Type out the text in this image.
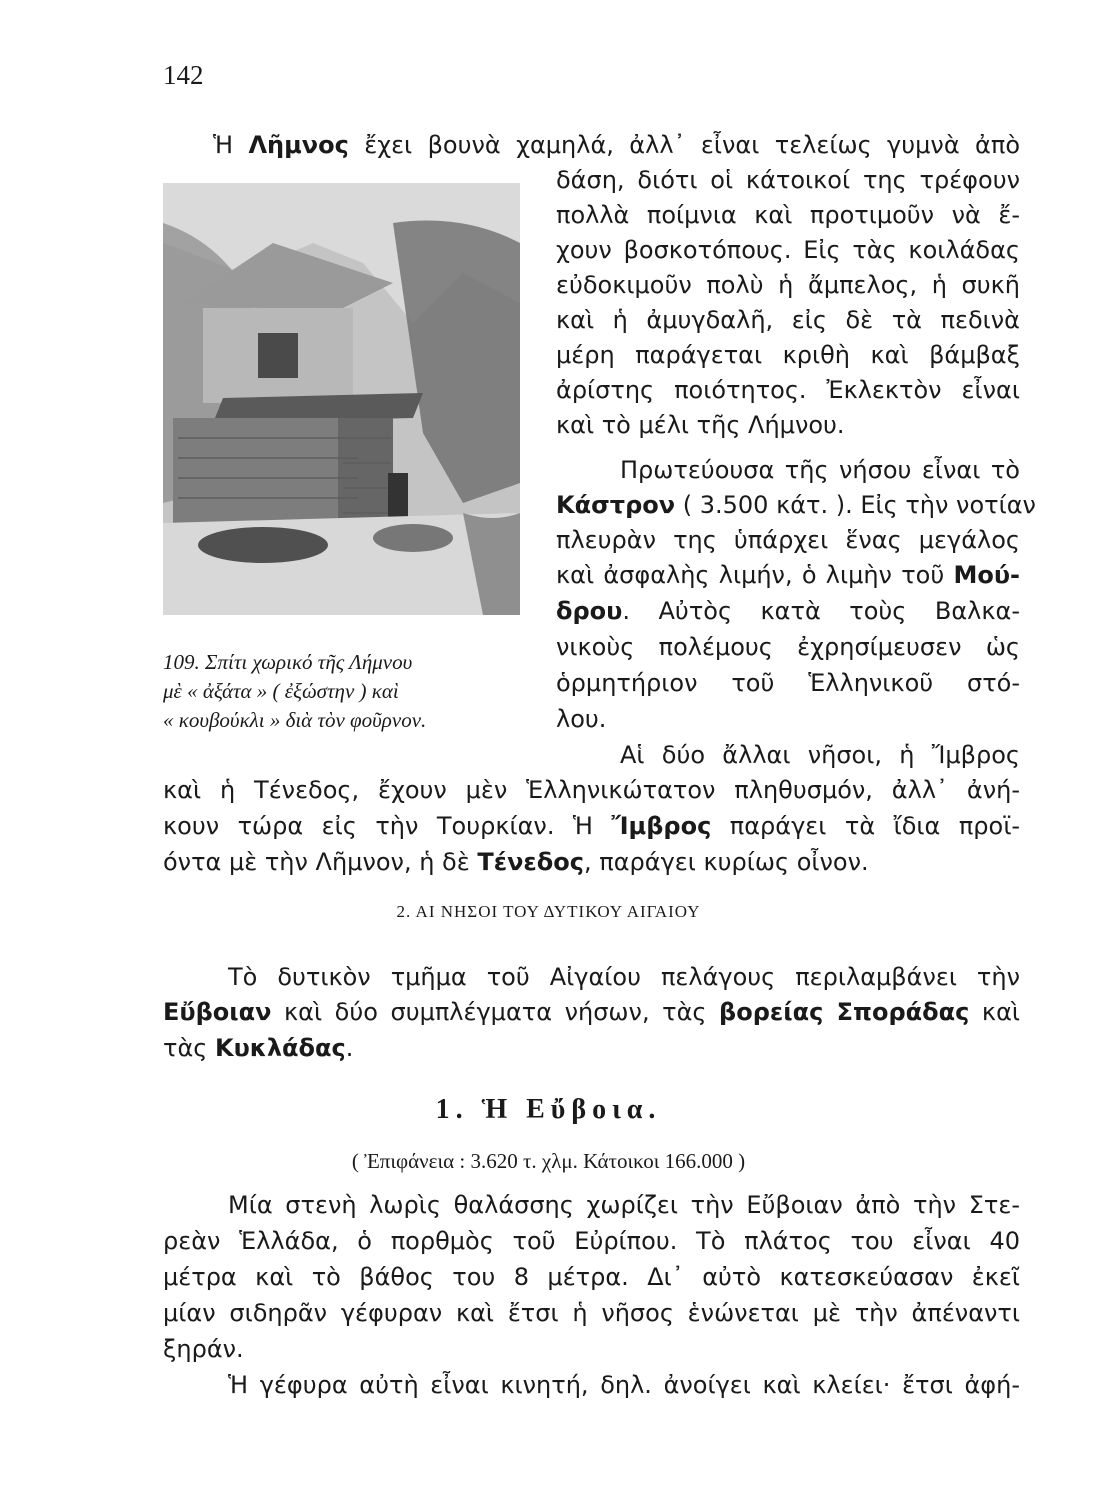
142
109. Σπίτι χωρικό τῆς Λήμνου
μὲ « ἀξάτα » ( ἐξώστην ) καὶ
« κουβούκλι » διὰ τὸν φοῦρνον.
Ἡ Λῆμνος ἔχει βουνὰ χαμηλά, ἀλλ᾽ εἶναι τελείως γυμνὰ ἀπὸ
δάση, διότι οἱ κάτοικοί της τρέφουν
πολλὰ ποίμνια καὶ προτιμοῦν νὰ ἔ-
χουν βοσκοτόπους. Εἰς τὰς κοιλάδας
εὐδοκιμοῦν πολὺ ἡ ἄμπελος, ἡ συκῆ
καὶ ἡ ἀμυγδαλῆ, εἰς δὲ τὰ πεδινὰ
μέρη παράγεται κριθὴ καὶ βάμβαξ
ἀρίστης ποιότητος. Ἐκλεκτὸν εἶναι
καὶ τὸ μέλι τῆς Λήμνου.
Πρωτεύουσα τῆς νήσου εἶναι τὸ
Κάστρον ( 3.500 κάτ. ). Εἰς τὴν νοτίαν
πλευρὰν της ὑπάρχει ἕνας μεγάλος
καὶ ἀσφαλὴς λιμήν, ὁ λιμὴν τοῦ Μού-
δρου. Αὐτὸς κατὰ τοὺς Βαλκα-
νικοὺς πολέμους ἐχρησίμευσεν ὡς
ὁρμητήριον τοῦ Ἑλληνικοῦ στό-
λου.
Αἱ δύο ἄλλαι νῆσοι, ἡ Ἴμβρος
καὶ ἡ Τένεδος, ἔχουν μὲν Ἑλληνικώτατον πληθυσμόν, ἀλλ᾽ ἀνή-
κουν τώρα εἰς τὴν Τουρκίαν. Ἡ Ἴμβρος παράγει τὰ ἴδια προϊ-
όντα μὲ τὴν Λῆμνον, ἡ δὲ Τένεδος, παράγει κυρίως οἶνον.
2. ΑΙ ΝΗΣΟΙ ΤΟΥ ΔΥΤΙΚΟΥ ΑΙΓΑΙΟΥ
Τὸ δυτικὸν τμῆμα τοῦ Αἰγαίου πελάγους περιλαμβάνει τὴν
Εὔβοιαν καὶ δύο συμπλέγματα νήσων, τὰς βορείας Σποράδας καὶ
τὰς Κυκλάδας.
1. Ἡ Εὔβοια.
( Ἐπιφάνεια : 3.620 τ. χλμ. Κάτοικοι 166.000 )
Μία στενὴ λωρὶς θαλάσσης χωρίζει τὴν Εὔβοιαν ἀπὸ τὴν Στε-
ρεὰν Ἑλλάδα, ὁ πορθμὸς τοῦ Εὐρίπου. Τὸ πλάτος του εἶναι 40
μέτρα καὶ τὸ βάθος του 8 μέτρα. Δι᾽ αὐτὸ κατεσκεύασαν ἐκεῖ
μίαν σιδηρᾶν γέφυραν καὶ ἔτσι ἡ νῆσος ἑνώνεται μὲ τὴν ἀπέναντι
ξηράν.
Ἡ γέφυρα αὐτὴ εἶναι κινητή, δηλ. ἀνοίγει καὶ κλείει· ἔτσι ἀφή-
